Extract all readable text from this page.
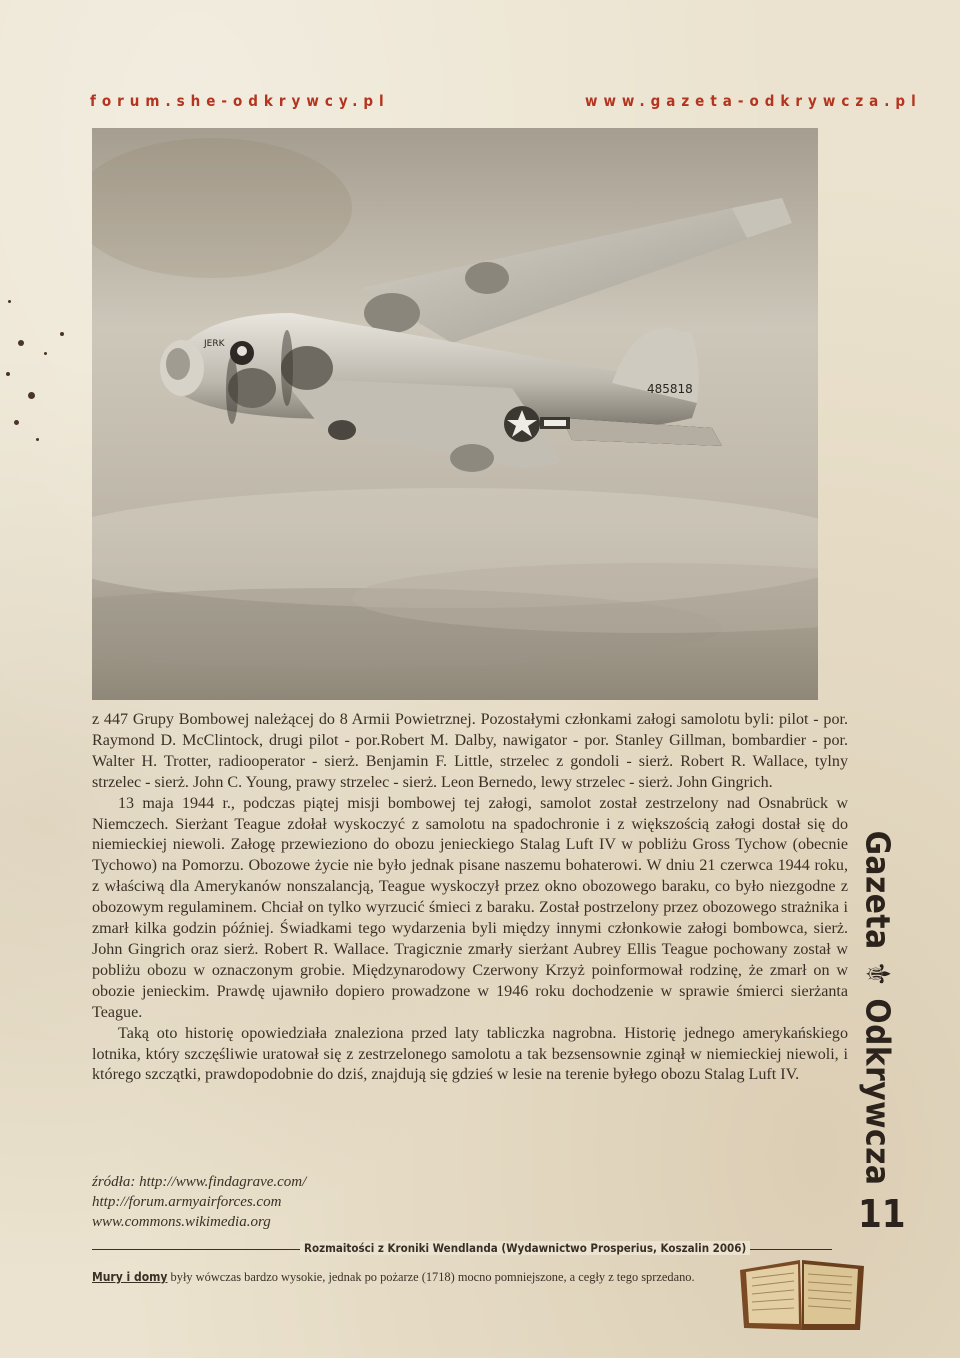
forum.she-odkrywcy.pl	www.gazeta-odkrywcza.pl
485818
JERK

z 447 Grupy Bombowej należącej do 8 Armii Powietrznej. Pozostałymi członkami załogi samolotu byli: pilot - por. Raymond D. McClintock, drugi pilot - por.Robert M. Dalby, nawigator - por. Stanley Gillman, bombardier - por. Walter H. Trotter, radiooperator - sierż. Benjamin F. Little, strzelec z gondoli - sierż. Robert R. Wallace, tylny strzelec - sierż. John C. Young, prawy strzelec - sierż. Leon Bernedo, lewy strzelec - sierż. John Gingrich.

13 maja 1944 r., podczas piątej misji bombowej tej załogi, samolot został zestrzelony nad Osnabrück w Niemczech. Sierżant Teague zdołał wyskoczyć z samolotu na spadochronie i z większością załogi dostał się do niemieckiej niewoli. Załogę przewieziono do obozu jenieckiego Stalag Luft IV w pobliżu Gross Tychow (obecnie Tychowo) na Pomorzu. Obozowe życie nie było jednak pisane naszemu bohaterowi. W dniu 21 czerwca 1944 roku, z właściwą dla Amerykanów nonszalancją, Teague wyskoczył przez okno obozowego baraku, co było niezgodne z obozowym regulaminem. Chciał on tylko wyrzucić śmieci z baraku. Został postrzelony przez obozowego strażnika i zmarł kilka godzin później. Świadkami tego wydarzenia byli między innymi członkowie załogi bombowca, sierż. John Gingrich oraz sierż. Robert R. Wallace. Tragicznie zmarły sierżant Aubrey Ellis Teague pochowany został w pobliżu obozu w oznaczonym grobie. Międzynarodowy Czerwony Krzyż poinformował rodzinę, że zmarł on w obozie jenieckim. Prawdę ujawniło dopiero prowadzone w 1946 roku dochodzenie w sprawie śmierci sierżanta Teague.

Taką oto historię opowiedziała znaleziona przed laty tabliczka nagrobna. Historię jednego amerykańskiego lotnika, który szczęśliwie uratował się z zestrzelonego samolotu a tak bezsensownie zginął w niemieckiej niewoli, i którego szczątki, prawdopodobnie do dziś, znajdują się gdzieś w lesie na terenie byłego obozu Stalag Luft IV.

źródła: http://www.findagrave.com/
http://forum.armyairforces.com
www.commons.wikimedia.org
Rozmaitości z Kroniki Wendlanda (Wydawnictwo Prosperius, Koszalin 2006)
Mury i domy były wówczas bardzo wysokie, jednak po pożarze (1718) mocno pomniejszone, a cegły z tego sprzedano.
Gazeta ⚜ Odkrywcza
11
